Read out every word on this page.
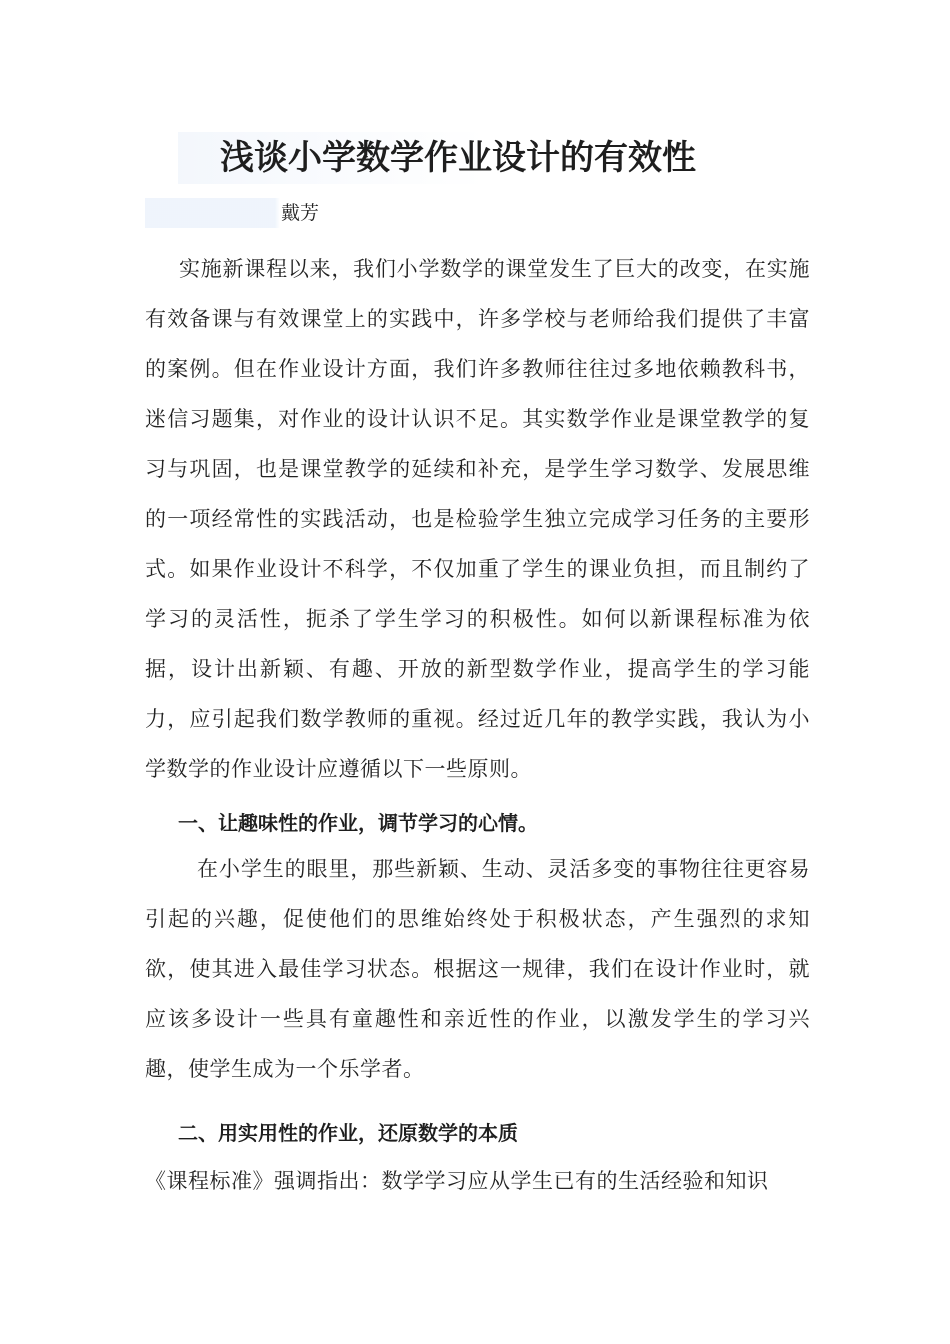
浅谈小学数学作业设计的有效性
戴芳

实施新课程以来，我们小学数学的课堂发生了巨大的改变，在实施有效备课与有效课堂上的实践中，许多学校与老师给我们提供了丰富的案例。但在作业设计方面，我们许多教师往往过多地依赖教科书，迷信习题集，对作业的设计认识不足。其实数学作业是课堂教学的复习与巩固，也是课堂教学的延续和补充，是学生学习数学、发展思维的一项经常性的实践活动，也是检验学生独立完成学习任务的主要形式。如果作业设计不科学，不仅加重了学生的课业负担，而且制约了学习的灵活性，扼杀了学生学习的积极性。如何以新课程标准为依据，设计出新颖、有趣、开放的新型数学作业，提高学生的学习能力，应引起我们数学教师的重视。经过近几年的教学实践，我认为小学数学的作业设计应遵循以下一些原则。

一、让趣味性的作业，调节学习的心情。

在小学生的眼里，那些新颖、生动、灵活多变的事物往往更容易引起的兴趣，促使他们的思维始终处于积极状态，产生强烈的求知欲，使其进入最佳学习状态。根据这一规律，我们在设计作业时，就应该多设计一些具有童趣性和亲近性的作业，以激发学生的学习兴趣，使学生成为一个乐学者。

二、用实用性的作业，还原数学的本质

《课程标准》强调指出：数学学习应从学生已有的生活经验和知识
